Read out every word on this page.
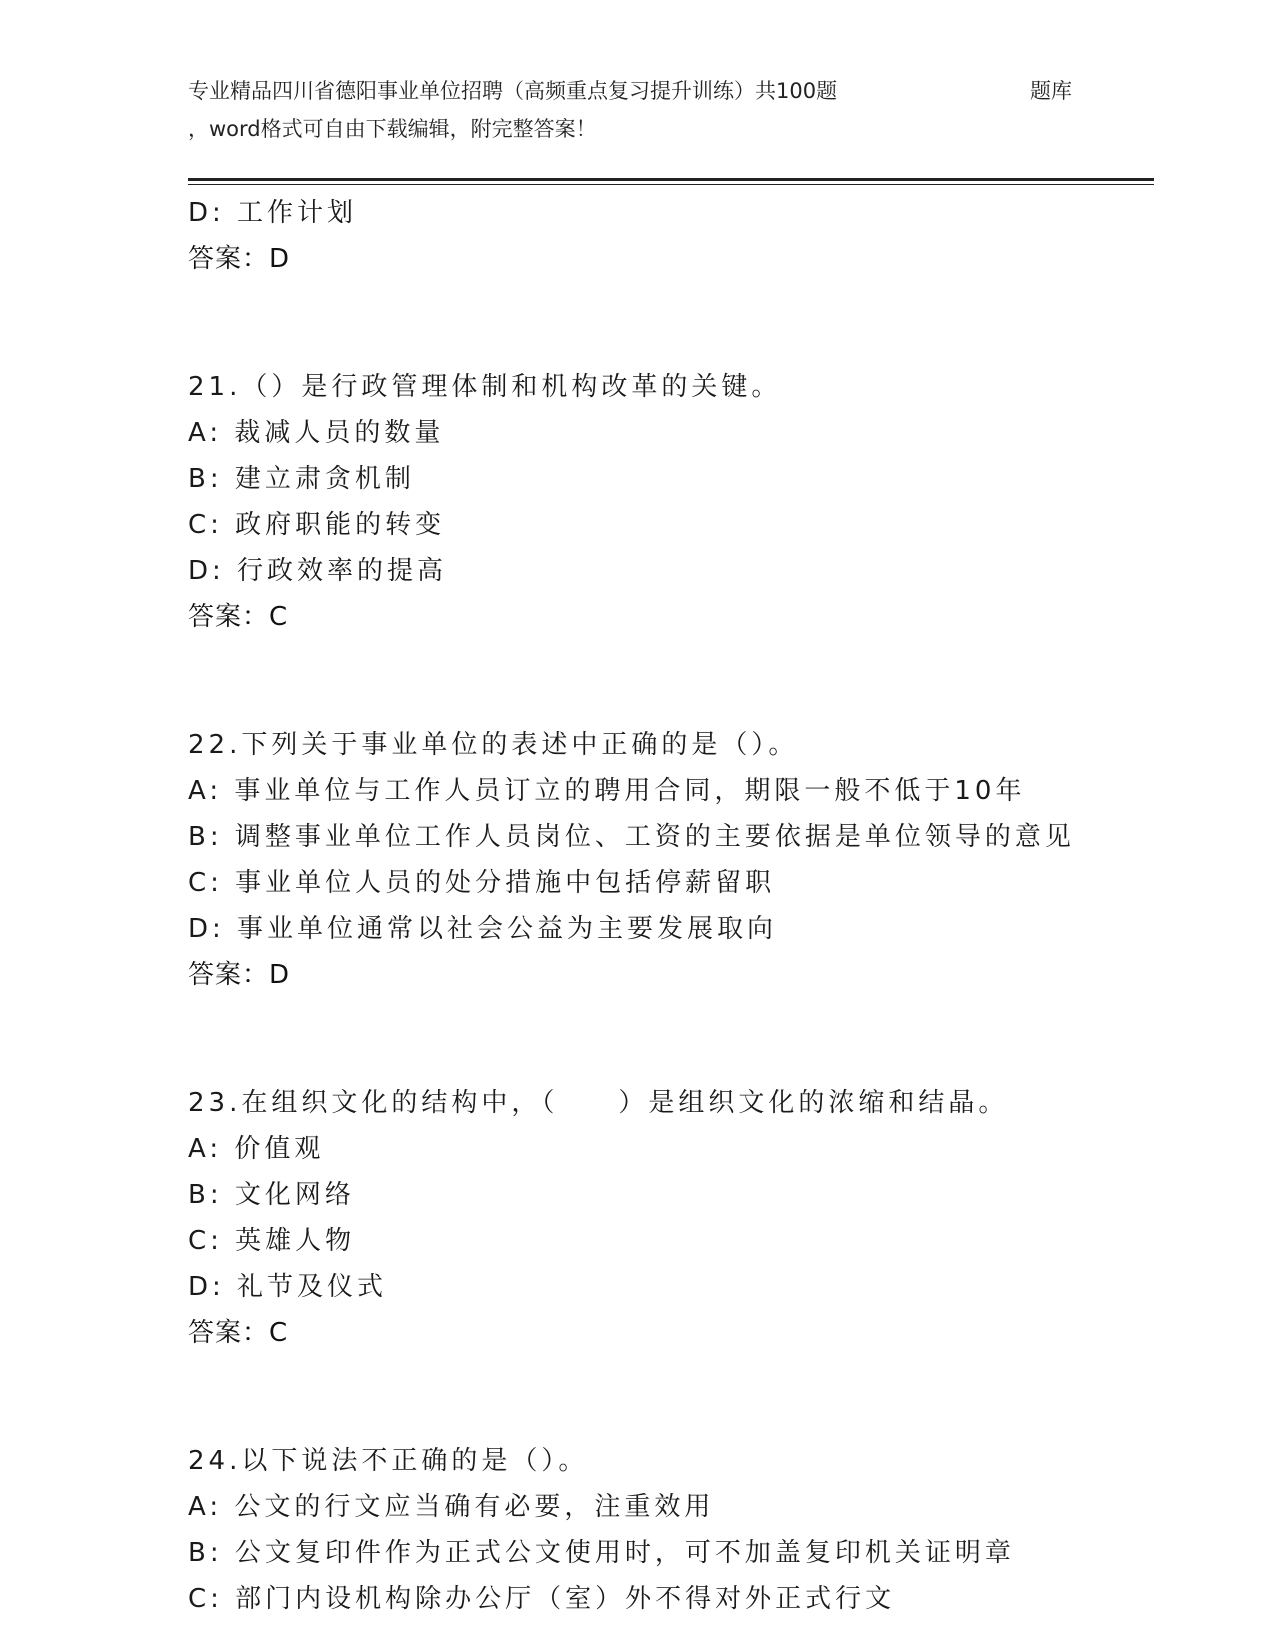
专业精品四川省德阳事业单位招聘（高频重点复习提升训练）共100题	题库
，word格式可自由下载编辑，附完整答案！
D: 工作计划
答案：D
21.（）是行政管理体制和机构改革的关键。
A: 裁减人员的数量
B: 建立肃贪机制
C: 政府职能的转变
D: 行政效率的提高
答案：C
22.下列关于事业单位的表述中正确的是（）。
A: 事业单位与工作人员订立的聘用合同，期限一般不低于10年
B: 调整事业单位工作人员岗位、工资的主要依据是单位领导的意见
C: 事业单位人员的处分措施中包括停薪留职
D: 事业单位通常以社会公益为主要发展取向
答案：D
23.在组织文化的结构中，（　　）是组织文化的浓缩和结晶。
A: 价值观
B: 文化网络
C: 英雄人物
D: 礼节及仪式
答案：C
24.以下说法不正确的是（）。
A: 公文的行文应当确有必要，注重效用
B: 公文复印件作为正式公文使用时，可不加盖复印机关证明章
C: 部门内设机构除办公厅（室）外不得对外正式行文
